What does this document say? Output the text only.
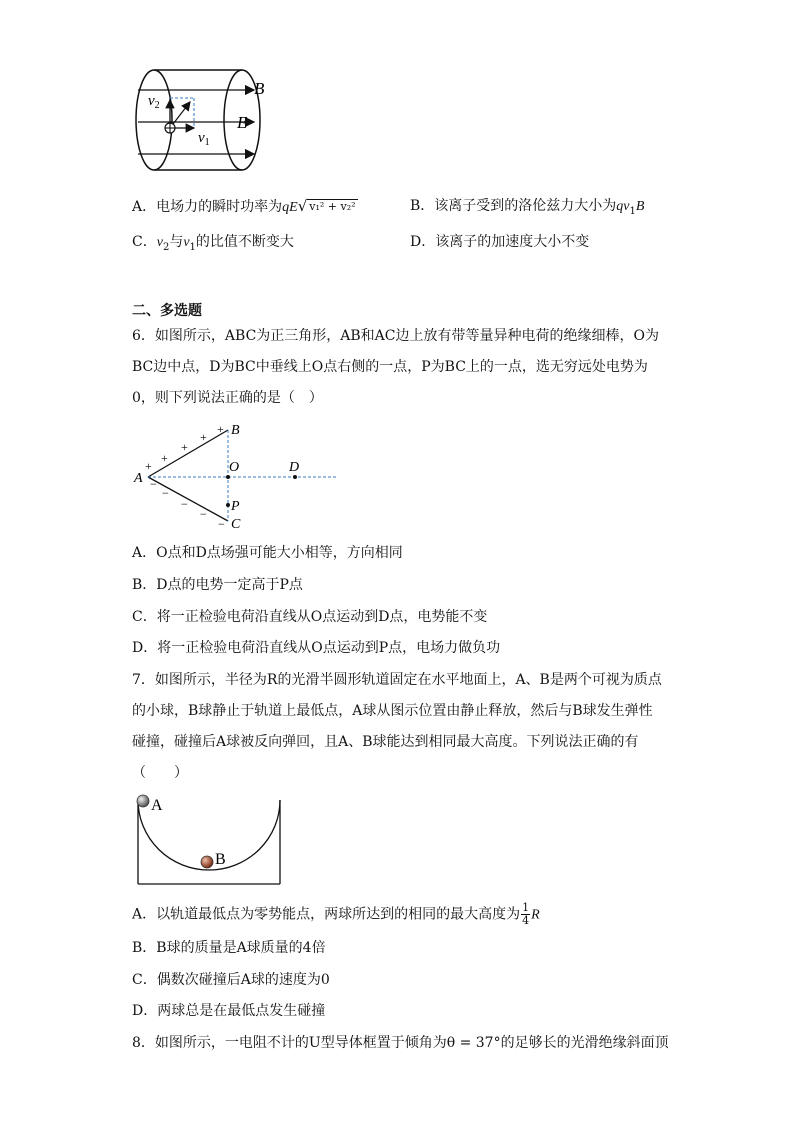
B
E
$v_2$
$v_1$
A．电场力的瞬时功率为qE√ v₁² + v₂²	B．该离子受到的洛伦兹力大小为$qv_1B$
C．$v_2$与$v_1$的比值不断变大	D．该离子的加速度大小不变
二、多选题
6．如图所示，ABC为正三角形，AB和AC边上放有带等量异种电荷的绝缘细棒，O为
BC边中点，D为BC中垂线上O点右侧的一点，P为BC上的一点，选无穷远处电势为
0，则下列说法正确的是（　）
+
+
+
+
+
−
−
−
−
−
A
B
C
O	D
P
A．O点和D点场强可能大小相等，方向相同
B．D点的电势一定高于P点
C．将一正检验电荷沿直线从O点运动到D点，电势能不变
D．将一正检验电荷沿直线从O点运动到P点，电场力做负功
7．如图所示，半径为R的光滑半圆形轨道固定在水平地面上，A、B是两个可视为质点
的小球，B球静止于轨道上最低点，A球从图示位置由静止释放，然后与B球发生弹性
碰撞，碰撞后A球被反向弹回，且A、B球能达到相同最大高度。下列说法正确的有
（　　）
A
B
A．以轨道最低点为零势能点，两球所达到的相同的最大高度为 $\frac{1}{4}$ R
B．B球的质量是A球质量的4倍
C．偶数次碰撞后A球的速度为0
D．两球总是在最低点发生碰撞
8．如图所示，一电阻不计的U型导体框置于倾角为θ = 37°的足够长的光滑绝缘斜面顶
